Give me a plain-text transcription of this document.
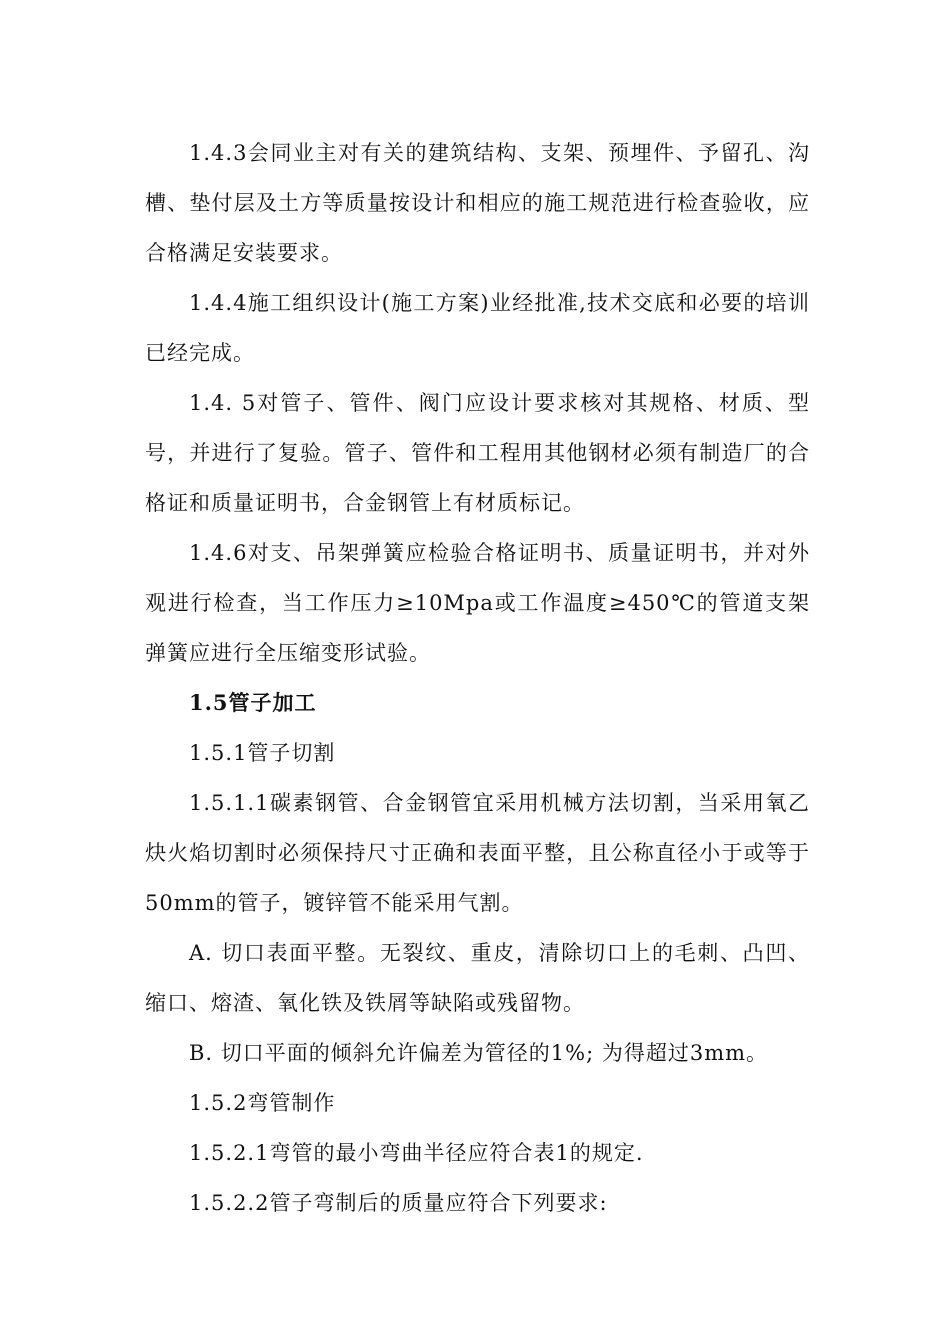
1.4.3会同业主对有关的建筑结构、支架、预埋件、予留孔、沟槽、垫付层及土方等质量按设计和相应的施工规范进行检查验收，应合格满足安装要求。

1.4.4施工组织设计(施工方案)业经批准,技术交底和必要的培训已经完成。

1.4. 5对管子、管件、阀门应设计要求核对其规格、材质、型号，并进行了复验。管子、管件和工程用其他钢材必须有制造厂的合格证和质量证明书，合金钢管上有材质标记。

1.4.6对支、吊架弹簧应检验合格证明书、质量证明书，并对外观进行检查，当工作压力≥10Mpa或工作温度≥450℃的管道支架弹簧应进行全压缩变形试验。

1.5管子加工

1.5.1管子切割

1.5.1.1碳素钢管、合金钢管宜采用机械方法切割，当采用氧乙炔火焰切割时必须保持尺寸正确和表面平整，且公称直径小于或等于50mm的管子，镀锌管不能采用气割。

A. 切口表面平整。无裂纹、重皮，清除切口上的毛刺、凸凹、缩口、熔渣、氧化铁及铁屑等缺陷或残留物。

B. 切口平面的倾斜允许偏差为管径的1%; 为得超过3mm。

1.5.2弯管制作

1.5.2.1弯管的最小弯曲半径应符合表1的规定.

1.5.2.2管子弯制后的质量应符合下列要求:
